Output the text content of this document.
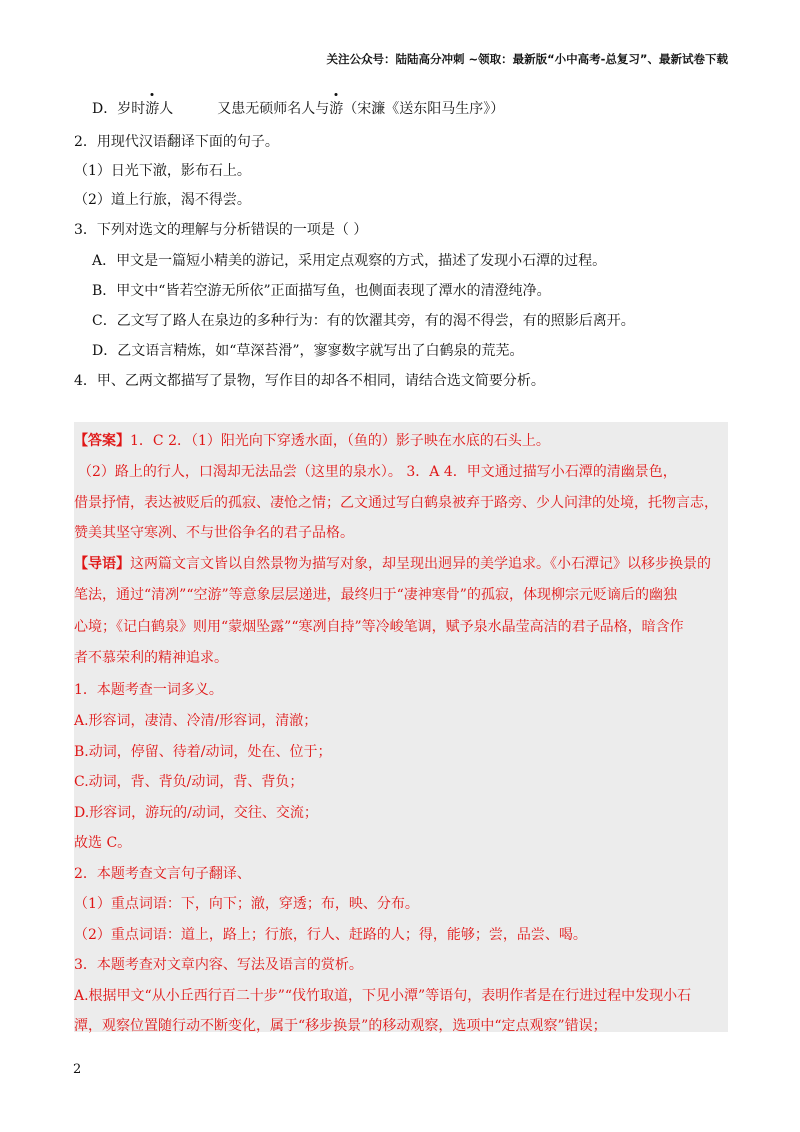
关注公众号：陆陆高分冲刺 ~领取：最新版“小中高考-总复习”、最新试卷下载
D．岁时游人	又患无硕师名人与游（宋濂《送东阳马生序》）
2．用现代汉语翻译下面的句子。
（1）日光下澈，影布石上。
（2）道上行旅，渴不得尝。
3．下列对选文的理解与分析错误的一项是（ ）
A．甲文是一篇短小精美的游记，采用定点观察的方式，描述了发现小石潭的过程。
B．甲文中“皆若空游无所依”正面描写鱼，也侧面表现了潭水的清澄纯净。
C．乙文写了路人在泉边的多种行为：有的饮濯其旁，有的渴不得尝，有的照影后离开。
D．乙文语言精炼，如“草深苔滑”，寥寥数字就写出了白鹤泉的荒芜。
4．甲、乙两文都描写了景物，写作目的却各不相同，请结合选文简要分析。
【答案】1．C 2．（1）阳光向下穿透水面，（鱼的）影子映在水底的石头上。
（2）路上的行人，口渴却无法品尝（这里的泉水）。 3．A 4．甲文通过描写小石潭的清幽景色，
借景抒情，表达被贬后的孤寂、凄怆之情；乙文通过写白鹤泉被弃于路旁、少人问津的处境，托物言志，
赞美其坚守寒冽、不与世俗争名的君子品格。
【导语】这两篇文言文皆以自然景物为描写对象，却呈现出迥异的美学追求。《小石潭记》以移步换景的
笔法，通过“清冽”“空游”等意象层层递进，最终归于“凄神寒骨”的孤寂，体现柳宗元贬谪后的幽独
心境；《记白鹤泉》则用“蒙烟坠露”“寒冽自持”等冷峻笔调，赋予泉水晶莹高洁的君子品格，暗含作
者不慕荣利的精神追求。
1．本题考查一词多义。
A.形容词，凄清、冷清/形容词，清澈；
B.动词，停留、待着/动词，处在、位于；
C.动词，背、背负/动词，背、背负；
D.形容词，游玩的/动词，交往、交流；
故选 C。
2．本题考查文言句子翻译、
（1）重点词语：下，向下；澈，穿透；布，映、分布。
（2）重点词语：道上，路上；行旅，行人、赶路的人；得，能够；尝，品尝、喝。
3．本题考查对文章内容、写法及语言的赏析。
A.根据甲文“从小丘西行百二十步”“伐竹取道，下见小潭”等语句，表明作者是在行进过程中发现小石
潭，观察位置随行动不断变化，属于“移步换景”的移动观察，选项中“定点观察”错误；
2
